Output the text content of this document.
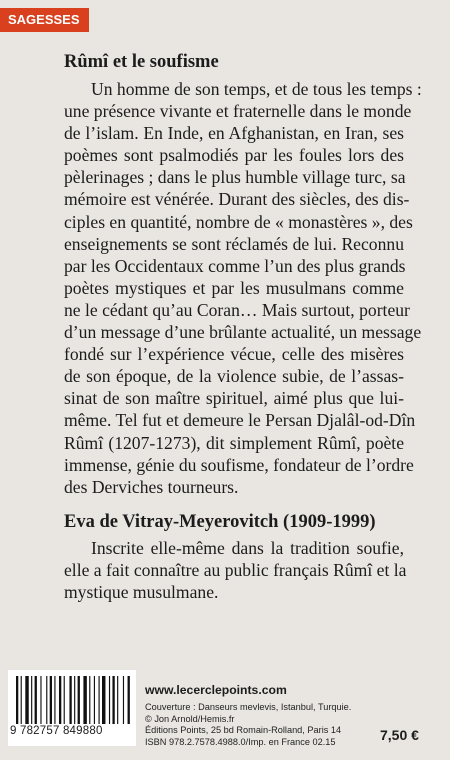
SAGESSES
Rûmî et le soufisme
Un homme de son temps, et de tous les temps :
une présence vivante et fraternelle dans le monde
de l’islam. En Inde, en Afghanistan, en Iran, ses
poèmes sont psalmodiés par les foules lors des
pèlerinages ; dans le plus humble village turc, sa
mémoire est vénérée. Durant des siècles, des dis-
ciples en quantité, nombre de « monastères », des
enseignements se sont réclamés de lui. Reconnu
par les Occidentaux comme l’un des plus grands
poètes mystiques et par les musulmans comme
ne le cédant qu’au Coran… Mais surtout, porteur
d’un message d’une brûlante actualité, un message
fondé sur l’expérience vécue, celle des misères
de son époque, de la violence subie, de l’assas-
sinat de son maître spirituel, aimé plus que lui-
même. Tel fut et demeure le Persan Djalâl-od-Dîn
Rûmî (1207-1273), dit simplement Rûmî, poète
immense, génie du soufisme, fondateur de l’ordre
des Derviches tourneurs.
Eva de Vitray-Meyerovitch (1909-1999)
Inscrite elle-même dans la tradition soufie,
elle a fait connaître au public français Rûmî et la
mystique musulmane.
9 782757 849880
www.lecerclepoints.com
Couverture : Danseurs mevlevis, Istanbul, Turquie.
© Jon Arnold/Hemis.fr
Éditions Points, 25 bd Romain-Rolland, Paris 14
ISBN 978.2.7578.4988.0/Imp. en France 02.15	7,50 €
